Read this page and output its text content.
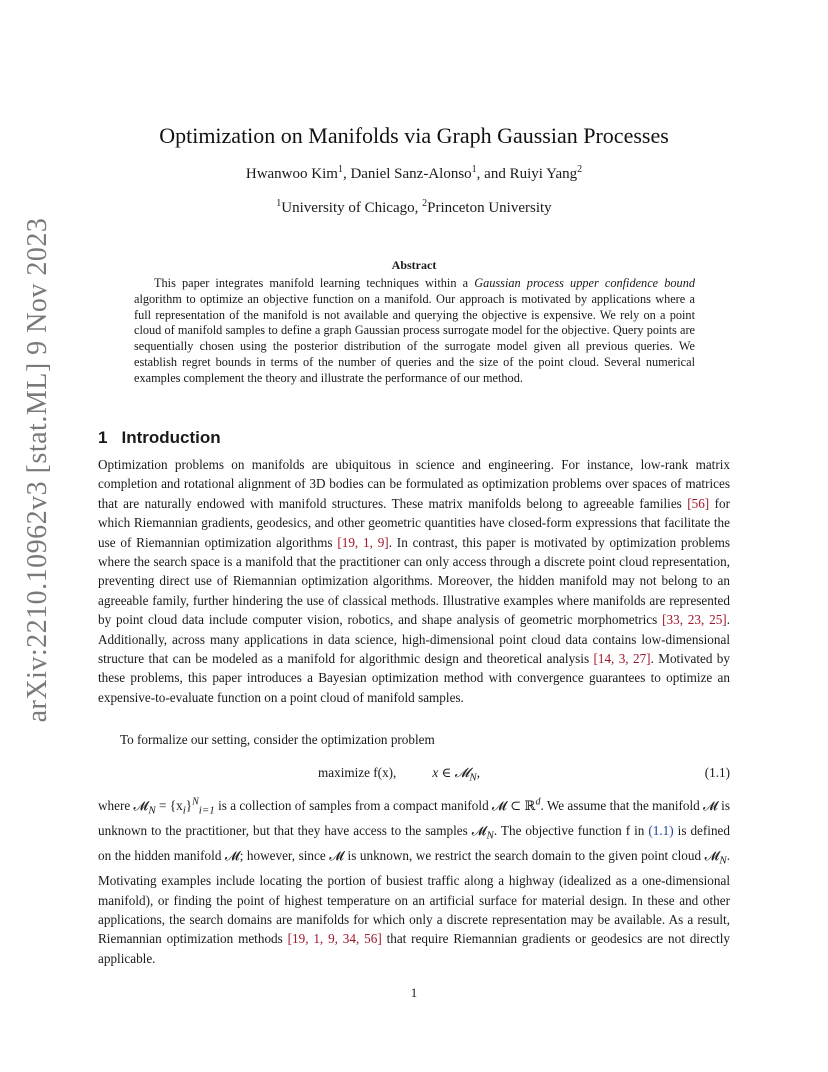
arXiv:2210.10962v3 [stat.ML] 9 Nov 2023
Optimization on Manifolds via Graph Gaussian Processes
Hwanwoo Kim$^1$, Daniel Sanz-Alonso$^1$, and Ruiyi Yang$^2$
$^1$University of Chicago, $^2$Princeton University
Abstract

This paper integrates manifold learning techniques within a Gaussian process upper confidence bound algorithm to optimize an objective function on a manifold. Our approach is motivated by applications where a full representation of the manifold is not available and querying the objective is expensive. We rely on a point cloud of manifold samples to define a graph Gaussian process surrogate model for the objective. Query points are sequentially chosen using the posterior distribution of the surrogate model given all previous queries. We establish regret bounds in terms of the number of queries and the size of the point cloud. Several numerical examples complement the theory and illustrate the performance of our method.

1 Introduction

Optimization problems on manifolds are ubiquitous in science and engineering. For instance, low-rank matrix completion and rotational alignment of 3D bodies can be formulated as optimization problems over spaces of matrices that are naturally endowed with manifold structures. These matrix manifolds belong to agreeable families [56] for which Riemannian gradients, geodesics, and other geometric quantities have closed-form expressions that facilitate the use of Riemannian optimization algorithms [19, 1, 9]. In contrast, this paper is motivated by optimization problems where the search space is a manifold that the practitioner can only access through a discrete point cloud representation, preventing direct use of Riemannian optimization algorithms. Moreover, the hidden manifold may not belong to an agreeable family, further hindering the use of classical methods. Illustrative examples where manifolds are represented by point cloud data include computer vision, robotics, and shape analysis of geometric morphometrics [33, 23, 25]. Additionally, across many applications in data science, high-dimensional point cloud data contains low-dimensional structure that can be modeled as a manifold for algorithmic design and theoretical analysis [14, 3, 27]. Motivated by these problems, this paper introduces a Bayesian optimization method with convergence guarantees to optimize an expensive-to-evaluate function on a point cloud of manifold samples.

To formalize our setting, consider the optimization problem

maximize f(x),	x ∈ 𝓜$_N$,	(1.1)

where 𝓜$_N$ = $\{x_i\}^N_{i=1}$ is a collection of samples from a compact manifold 𝓜 ⊂ ℝ$^d$. We assume that the manifold 𝓜 is unknown to the practitioner, but that they have access to the samples 𝓜$_N$. The objective function f in (1.1) is defined on the hidden manifold 𝓜; however, since 𝓜 is unknown, we restrict the search domain to the given point cloud 𝓜$_N$. Motivating examples include locating the portion of busiest traffic along a highway (idealized as a one-dimensional manifold), or finding the point of highest temperature on an artificial surface for material design. In these and other applications, the search domains are manifolds for which only a discrete representation may be available. As a result, Riemannian optimization methods [19, 1, 9, 34, 56] that require Riemannian gradients or geodesics are not directly applicable.

1
